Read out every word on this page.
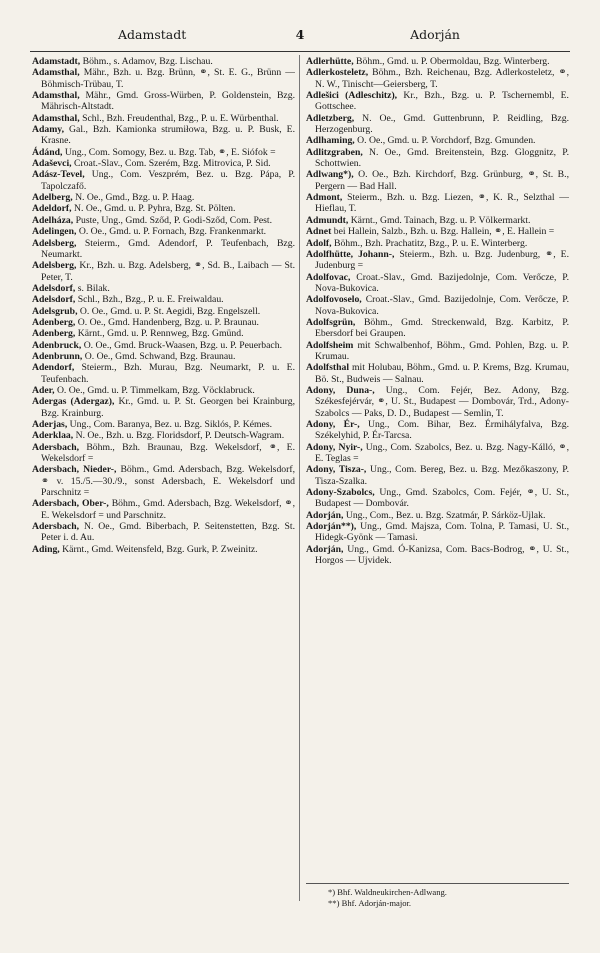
Adamstadt	4	Adorján

Adamstadt, Böhm., s. Adamov, Bzg. Lischau.

Adamsthal, Mähr., Bzh. u. Bzg. Brünn, ⚭, St. E. G., Brünn — Böhmisch-Trübau, T.

Adamsthal, Mähr., Gmd. Gross-Würben, P. Goldenstein, Bzg. Mährisch-Altstadt.

Adamsthal, Schl., Bzh. Freudenthal, Bzg., P. u. E. Würbenthal.

Adamy, Gal., Bzh. Kamionka strumiłowa, Bzg. u. P. Busk, E. Krasne.

Ádánd, Ung., Com. Somogy, Bez. u. Bzg. Tab, ⚭, E. Siófok =

Adaševci, Croat.-Slav., Com. Szerém, Bzg. Mitrovica, P. Sid.

Adász-Tevel, Ung., Com. Veszprém, Bez. u. Bzg. Pápa, P. Tapolczafő.

Adelberg, N. Oe., Gmd., Bzg. u. P. Haag.

Adeldorf, N. Oe., Gmd. u. P. Pyhra, Bzg. St. Pölten.

Adelháza, Puste, Ung., Gmd. Sződ, P. Godi-Sződ, Com. Pest.

Adelingen, O. Oe., Gmd. u. P. Fornach, Bzg. Frankenmarkt.

Adelsberg, Steierm., Gmd. Adendorf, P. Teufenbach, Bzg. Neumarkt.

Adelsberg, Kr., Bzh. u. Bzg. Adelsberg, ⚭, Sd. B., Laibach — St. Peter, T.

Adelsdorf, s. Bilak.

Adelsdorf, Schl., Bzh., Bzg., P. u. E. Freiwaldau.

Adelsgrub, O. Oe., Gmd. u. P. St. Aegidi, Bzg. Engelszell.

Adenberg, O. Oe., Gmd. Handenberg, Bzg. u. P. Braunau.

Adenberg, Kärnt., Gmd. u. P. Rennweg, Bzg. Gmünd.

Adenbruck, O. Oe., Gmd. Bruck-Waasen, Bzg. u. P. Peuerbach.

Adenbrunn, O. Oe., Gmd. Schwand, Bzg. Braunau.

Adendorf, Steierm., Bzh. Murau, Bzg. Neumarkt, P. u. E. Teufenbach.

Ader, O. Oe., Gmd. u. P. Timmelkam, Bzg. Vöcklabruck.

Adergas (Adergaz), Kr., Gmd. u. P. St. Georgen bei Krainburg, Bzg. Krainburg.

Aderjas, Ung., Com. Baranya, Bez. u. Bzg. Siklós, P. Kémes.

Aderklaa, N. Oe., Bzh. u. Bzg. Floridsdorf, P. Deutsch-Wagram.

Adersbach, Böhm., Bzh. Braunau, Bzg. Wekelsdorf, ⚭, E. Wekelsdorf =

Adersbach, Nieder-, Böhm., Gmd. Adersbach, Bzg. Wekelsdorf, ⚭ v. 15./5.—30./9., sonst Adersbach, E. Wekelsdorf und Parschnitz =

Adersbach, Ober-, Böhm., Gmd. Adersbach, Bzg. Wekelsdorf, ⚭, E. Wekelsdorf = und Parschnitz.

Adersbach, N. Oe., Gmd. Biberbach, P. Seitenstetten, Bzg. St. Peter i. d. Au.

Ading, Kärnt., Gmd. Weitensfeld, Bzg. Gurk, P. Zweinitz.

Adlerhütte, Böhm., Gmd. u. P. Obermoldau, Bzg. Winterberg.

Adlerkosteletz, Böhm., Bzh. Reichenau, Bzg. Adlerkosteletz, ⚭, N. W., Tinischt—Geiersberg, T.

Adlešici (Adleschitz), Kr., Bzh., Bzg. u. P. Tschernembl, E. Gottschee.

Adletzberg, N. Oe., Gmd. Guttenbrunn, P. Reidling, Bzg. Herzogenburg.

Adlhaming, O. Oe., Gmd. u. P. Vorchdorf, Bzg. Gmunden.

Adlitzgraben, N. Oe., Gmd. Breitenstein, Bzg. Gloggnitz, P. Schottwien.

Adlwang*), O. Oe., Bzh. Kirchdorf, Bzg. Grünburg, ⚭, St. B., Pergern — Bad Hall.

Admont, Steierm., Bzh. u. Bzg. Liezen, ⚭, K. R., Selzthal — Hieflau, T.

Admundt, Kärnt., Gmd. Tainach, Bzg. u. P. Völkermarkt.

Adnet bei Hallein, Salzb., Bzh. u. Bzg. Hallein, ⚭, E. Hallein =

Adolf, Böhm., Bzh. Prachatitz, Bzg., P. u. E. Winterberg.

Adolfhütte, Johann-, Steierm., Bzh. u. Bzg. Judenburg, ⚭, E. Judenburg =

Adolfovac, Croat.-Slav., Gmd. Bazijedolnje, Com. Verőcze, P. Nova-Bukovica.

Adolfovoselo, Croat.-Slav., Gmd. Bazijedolnje, Com. Verőcze, P. Nova-Bukovica.

Adolfsgrün, Böhm., Gmd. Streckenwald, Bzg. Karbitz, P. Ebersdorf bei Graupen.

Adolfsheim mit Schwalbenhof, Böhm., Gmd. Pohlen, Bzg. u. P. Krumau.

Adolfsthal mit Holubau, Böhm., Gmd. u. P. Krems, Bzg. Krumau, Bö. St., Budweis — Salnau.

Adony, Duna-, Ung., Com. Fejér, Bez. Adony, Bzg. Székesfejérvár, ⚭, U. St., Budapest — Dombovár, Trd., Adony-Szabolcs — Paks, D. D., Budapest — Semlin, T.

Adony, Ér-, Ung., Com. Bihar, Bez. Érmihályfalva, Bzg. Székelyhid, P. Ér-Tarcsa.

Adony, Nyir-, Ung., Com. Szabolcs, Bez. u. Bzg. Nagy-Kálló, ⚭, E. Teglas =

Adony, Tisza-, Ung., Com. Bereg, Bez. u. Bzg. Mezőkaszony, P. Tisza-Szalka.

Adony-Szabolcs, Ung., Gmd. Szabolcs, Com. Fejér, ⚭, U. St., Budapest — Dombovár.

Adorján, Ung., Com., Bez. u. Bzg. Szatmár, P. Sárköz-Ujlak.

Adorján**), Ung., Gmd. Majsza, Com. Tolna, P. Tamasi, U. St., Hidegk-Gyönk — Tamasi.

Adorján, Ung., Gmd. Ó-Kanizsa, Com. Bacs-Bodrog, ⚭, U. St., Horgos — Ujvidek.

*) Bhf. Waldneukirchen-Adlwang.
**) Bhf. Adorján-major.
